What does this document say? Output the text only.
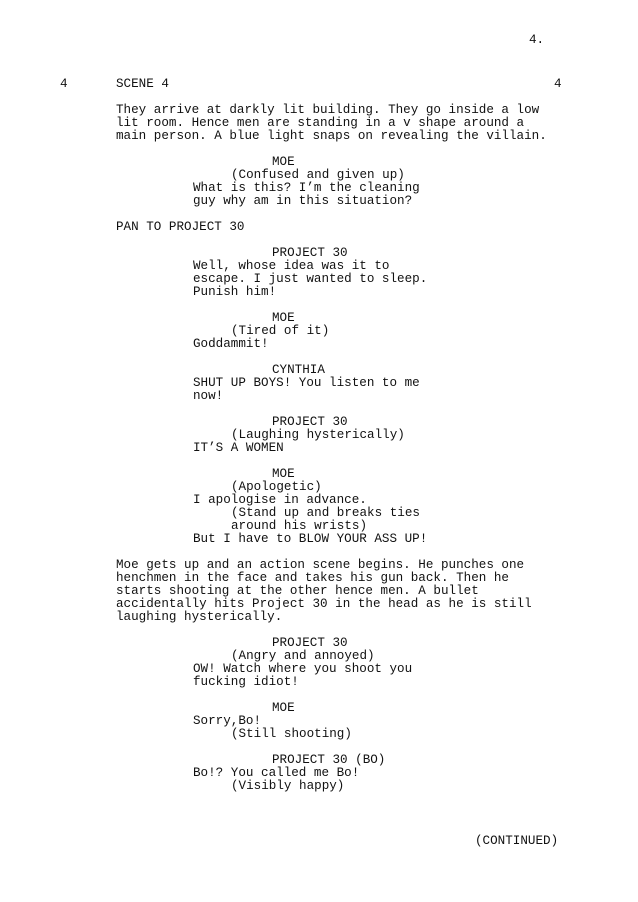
4.
4	SCENE 4	4
They arrive at darkly lit building. They go inside a low
lit room. Hence men are standing in a v shape around a
main person. A blue light snaps on revealing the villain.
MOE
(Confused and given up)
What is this? I’m the cleaning
guy why am in this situation?
PAN TO PROJECT 30
PROJECT 30
Well, whose idea was it to
escape. I just wanted to sleep.
Punish him!
MOE
(Tired of it)
Goddammit!
CYNTHIA
SHUT UP BOYS! You listen to me
now!
PROJECT 30
(Laughing hysterically)
IT’S A WOMEN
MOE
(Apologetic)
I apologise in advance.
(Stand up and breaks ties
around his wrists)
But I have to BLOW YOUR ASS UP!
Moe gets up and an action scene begins. He punches one
henchmen in the face and takes his gun back. Then he
starts shooting at the other hence men. A bullet
accidentally hits Project 30 in the head as he is still
laughing hysterically.
PROJECT 30
(Angry and annoyed)
OW! Watch where you shoot you
fucking idiot!
MOE
Sorry,Bo!
(Still shooting)
PROJECT 30 (BO)
Bo!? You called me Bo!
(Visibly happy)
(CONTINUED)
